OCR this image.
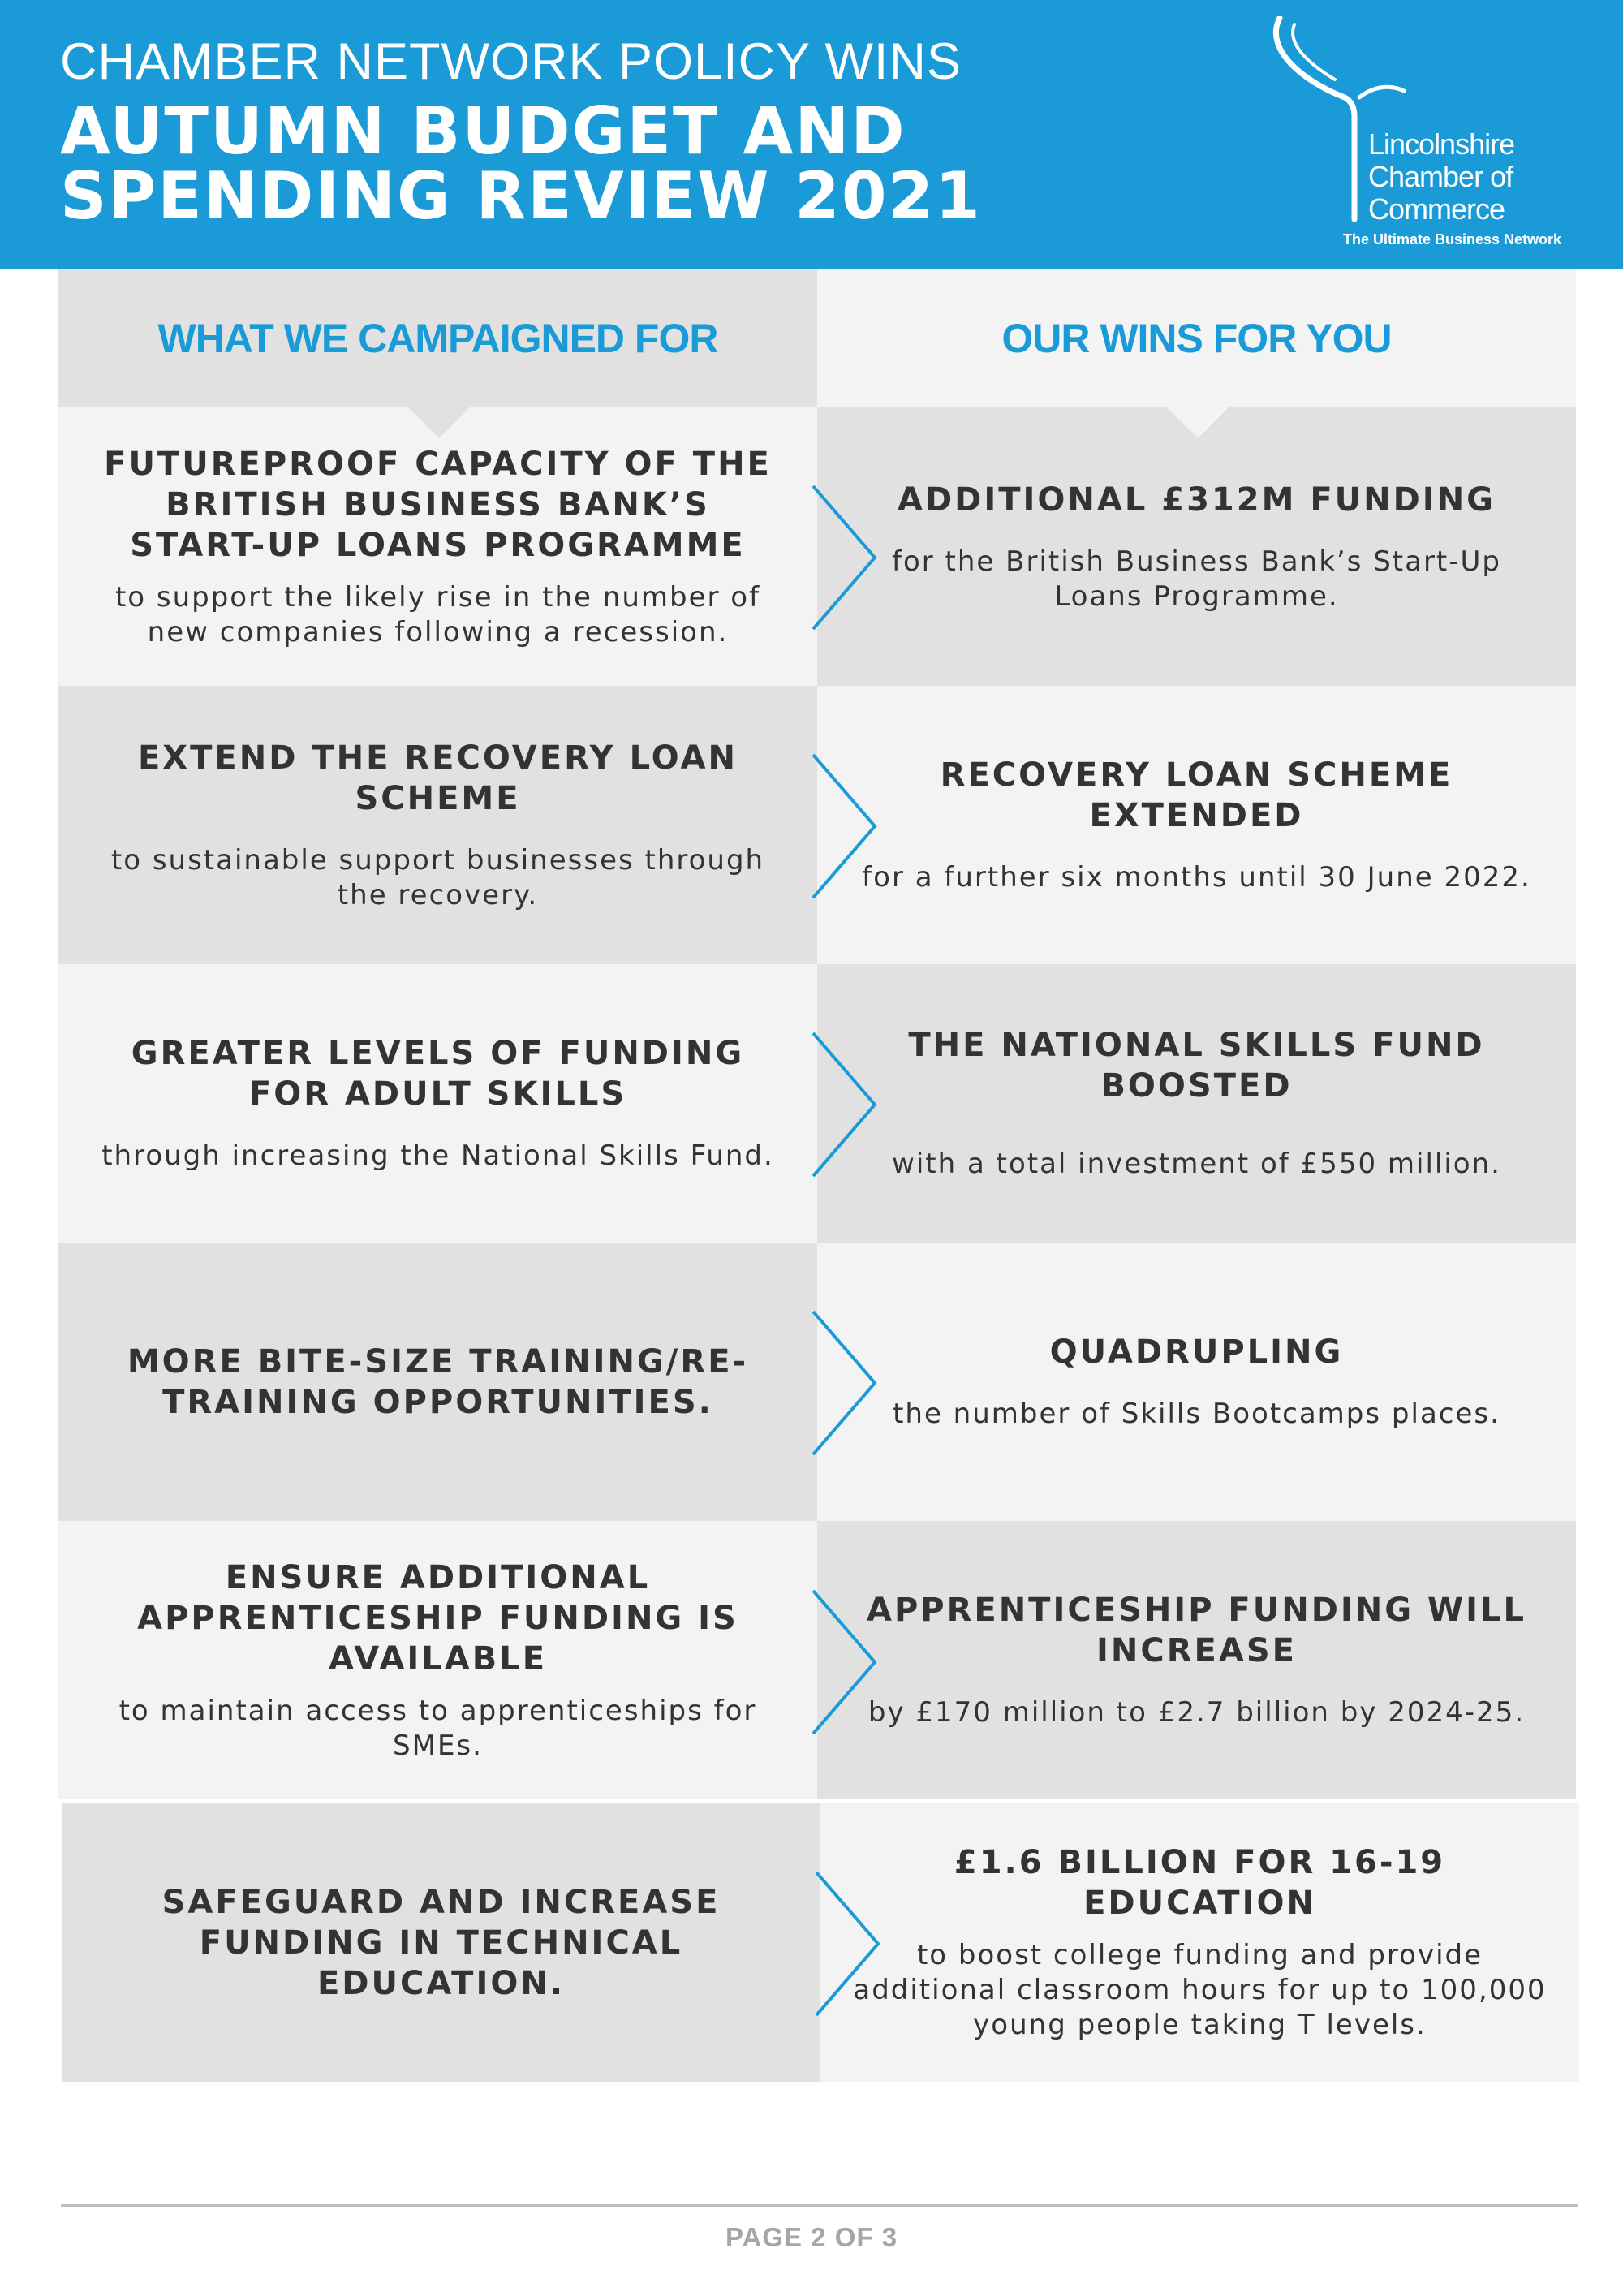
CHAMBER NETWORK POLICY WINS
AUTUMN BUDGET AND
SPENDING REVIEW 2021
Lincolnshire
Chamber of
Commerce
The Ultimate Business Network
WHAT WE CAMPAIGNED FOR	OUR WINS FOR YOU
FUTUREPROOF CAPACITY OF THE BRITISH BUSINESS BANK’S START-UP LOANS PROGRAMME
to support the likely rise in the number of new companies following a recession.
ADDITIONAL £312M FUNDING
for the British Business Bank’s Start-Up Loans Programme.
EXTEND THE RECOVERY LOAN SCHEME
to sustainable support businesses through the recovery.
RECOVERY LOAN SCHEME EXTENDED
for a further six months until 30 June 2022.
GREATER LEVELS OF FUNDING FOR ADULT SKILLS
through increasing the National Skills Fund.
THE NATIONAL SKILLS FUND BOOSTED
with a total investment of £550 million.
MORE BITE-SIZE TRAINING/RE-TRAINING OPPORTUNITIES.
QUADRUPLING
the number of Skills Bootcamps places.
ENSURE ADDITIONAL APPRENTICESHIP FUNDING IS AVAILABLE
to maintain access to apprenticeships for SMEs.
APPRENTICESHIP FUNDING WILL INCREASE
by £170 million to £2.7 billion by 2024-25.
SAFEGUARD AND INCREASE FUNDING IN TECHNICAL EDUCATION.
£1.6 BILLION FOR 16-19 EDUCATION
to boost college funding and provide additional classroom hours for up to 100,000 young people taking T levels.
PAGE 2 OF 3
